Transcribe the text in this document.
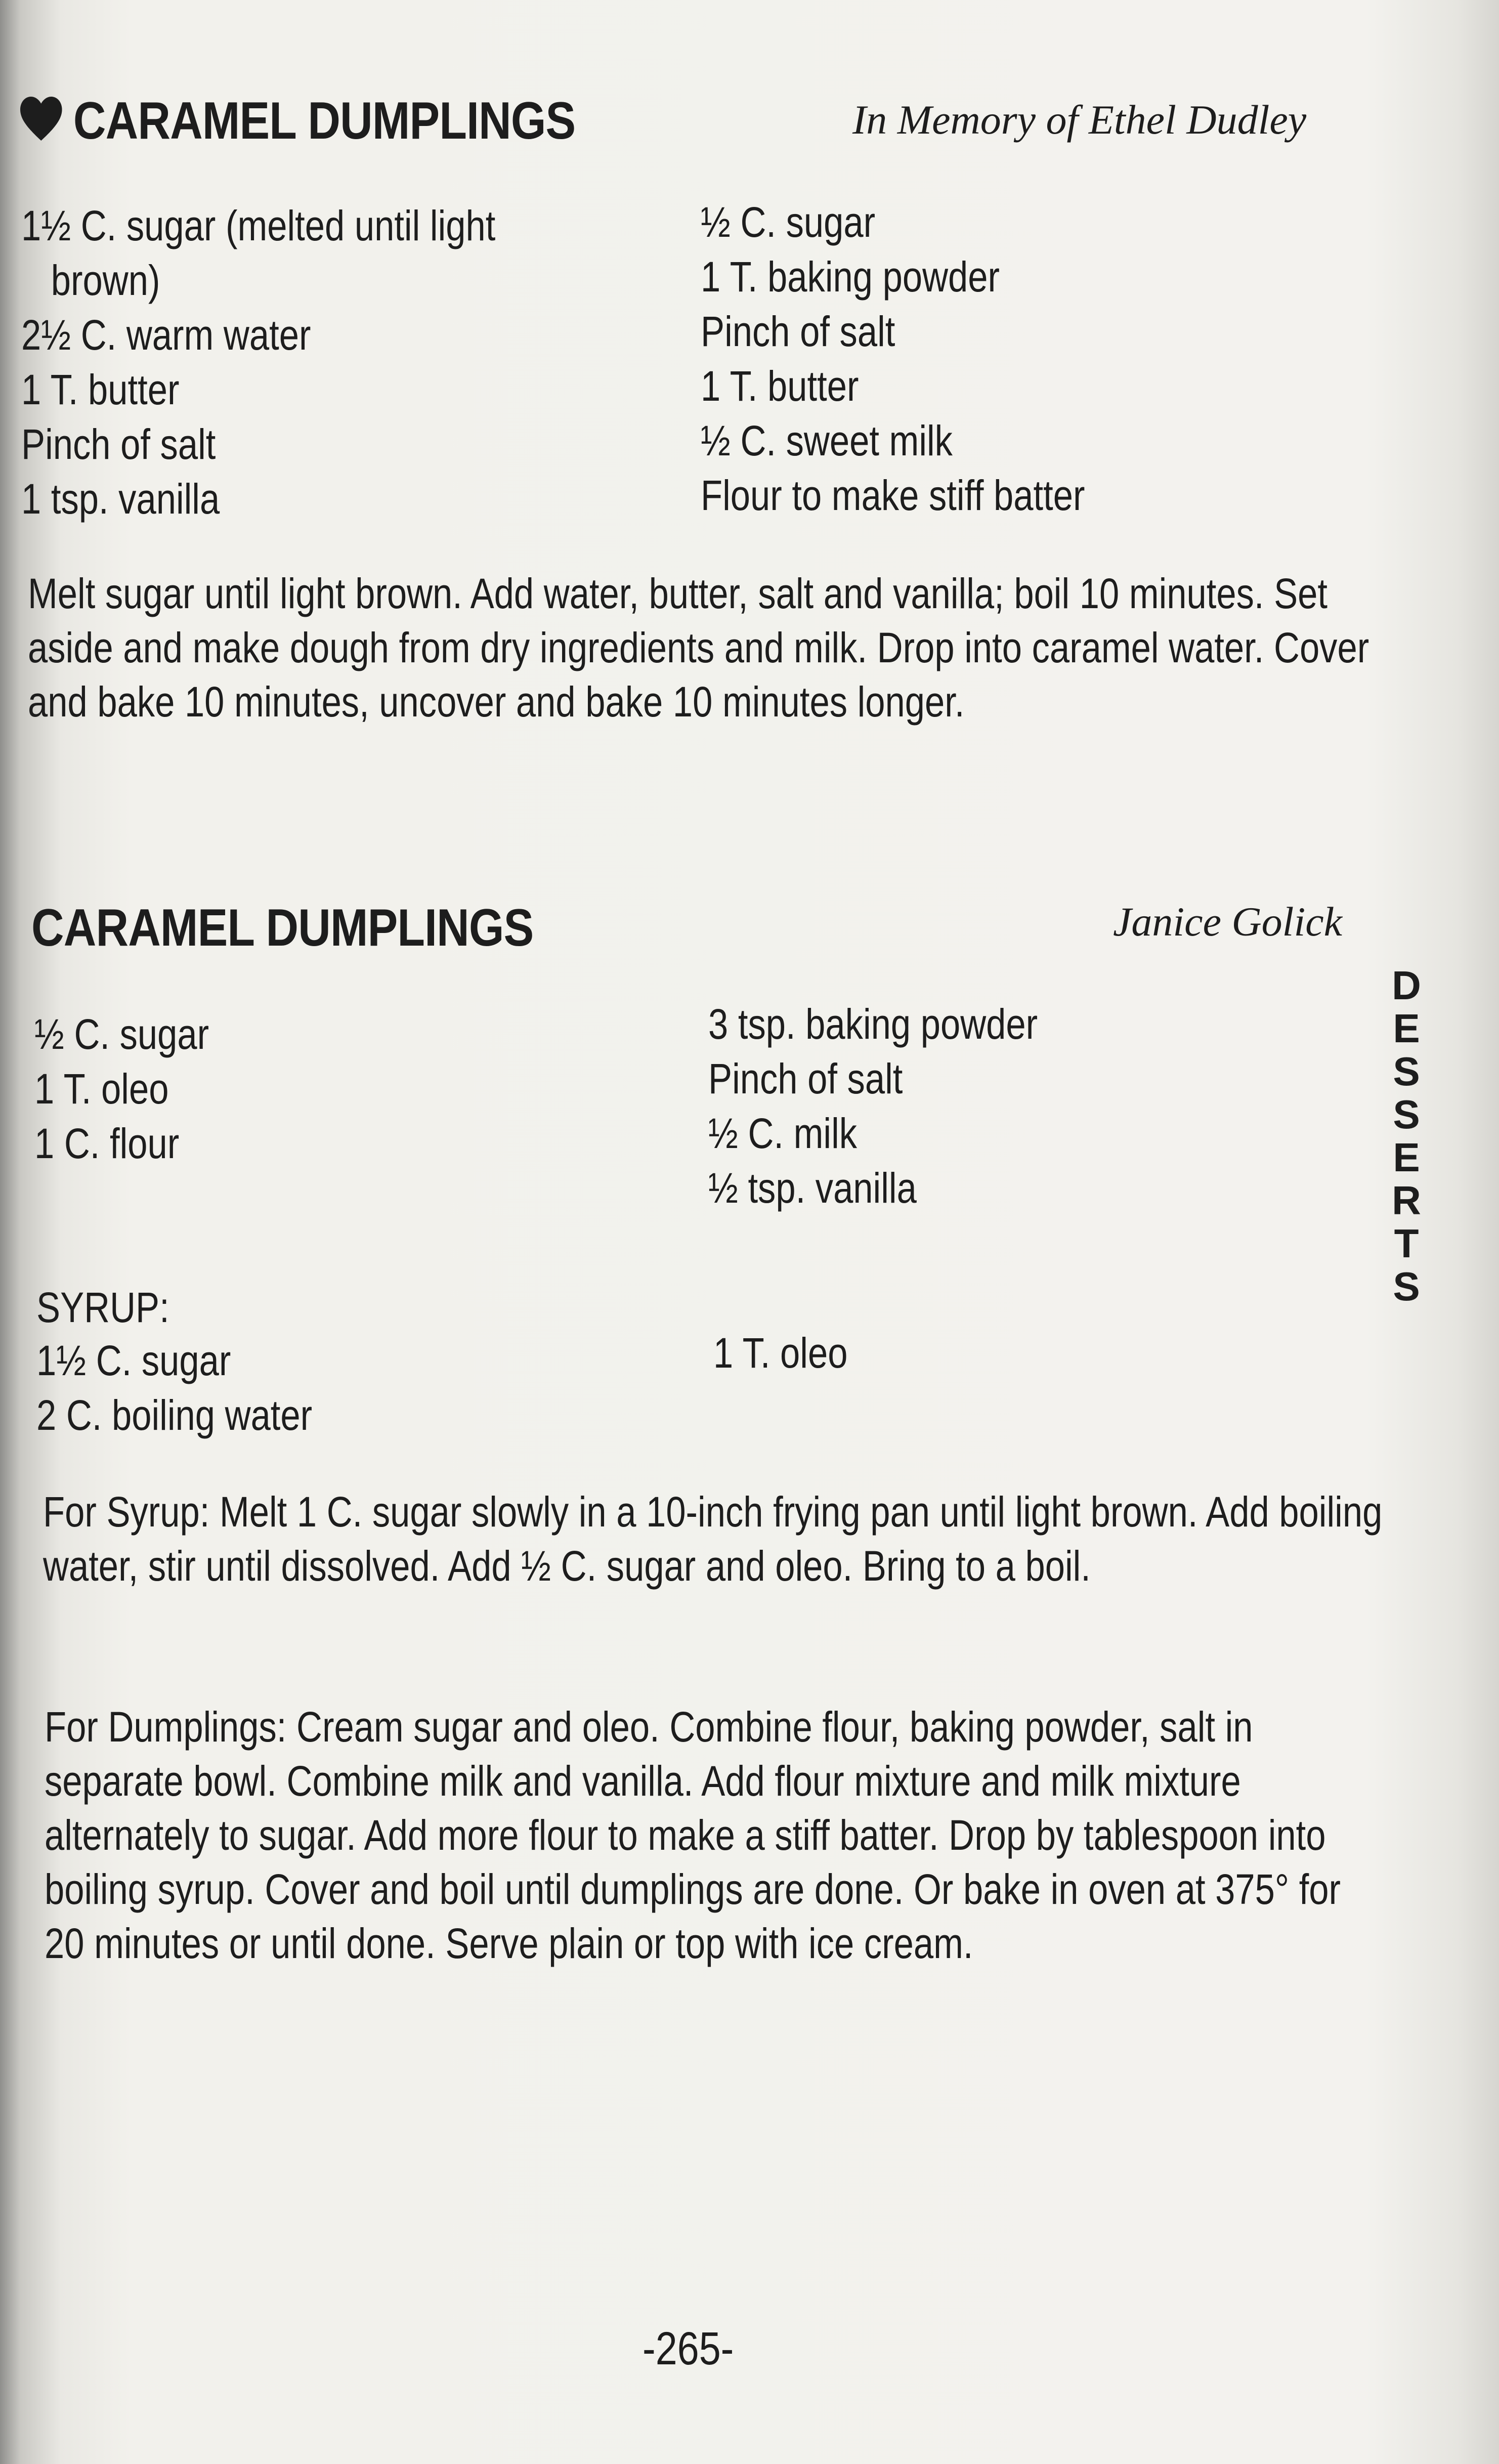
CARAMEL DUMPLINGS	In Memory of Ethel Dudley
1½ C. sugar (melted until light
brown)
2½ C. warm water
1 T. butter
Pinch of salt
1 tsp. vanilla
½ C. sugar
1 T. baking powder
Pinch of salt
1 T. butter
½ C. sweet milk
Flour to make stiff batter

Melt sugar until light brown. Add water, butter, salt and vanilla; boil 10 minutes. Set aside and make dough from dry ingredients and milk. Drop into caramel water. Cover and bake 10 minutes, uncover and bake 10 minutes longer.

CARAMEL DUMPLINGS	Janice Golick
½ C. sugar
1 T. oleo
1 C. flour
3 tsp. baking powder
Pinch of salt
½ C. milk
½ tsp. vanilla
SYRUP:
1½ C. sugar
2 C. boiling water
1 T. oleo

For Syrup: Melt 1 C. sugar slowly in a 10-inch frying pan until light brown. Add boiling water, stir until dissolved. Add ½ C. sugar and oleo. Bring to a boil.

For Dumplings: Cream sugar and oleo. Combine flour, baking powder, salt in separate bowl. Combine milk and vanilla. Add flour mixture and milk mixture alternately to sugar. Add more flour to make a stiff batter. Drop by tablespoon into boiling syrup. Cover and boil until dumplings are done. Or bake in oven at 375° for 20 minutes or until done. Serve plain or top with ice cream.

D
E
S
S
E
R
T
S
-265-
